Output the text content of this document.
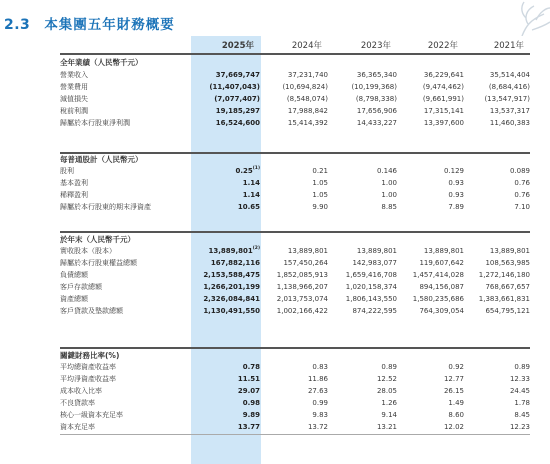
2.3 本集團五年財務概要
2025年	2024年	2023年	2022年	2021年
全年業績（人民幣千元）
營業收入	37,669,747	37,231,740	36,365,340	36,229,641	35,514,404
營業費用	(11,407,043)	(10,694,824)	(10,199,368)	(9,474,462)	(8,684,416)
減值損失	(7,077,407)	(8,548,074)	(8,798,338)	(9,661,991)	(13,547,917)
稅前利潤	19,185,297	17,988,842	17,656,906	17,315,141	13,537,317
歸屬於本行股東淨利潤	16,524,600	15,414,392	14,433,227	13,397,600	11,460,383
每普通股計（人民幣元）
股利	0.25$^{(1)}$	0.21	0.146	0.129	0.089
基本盈利	1.14	1.05	1.00	0.93	0.76
稀釋盈利	1.14	1.05	1.00	0.93	0.76
歸屬於本行股東的期末淨資產	10.65	9.90	8.85	7.89	7.10
於年末（人民幣千元）
實收股本（股本）	13,889,801$^{(2)}$	13,889,801	13,889,801	13,889,801	13,889,801
歸屬於本行股東權益總額	167,882,116	157,450,264	142,983,077	119,607,642	108,563,985
負債總額	2,153,588,475	1,852,085,913	1,659,416,708	1,457,414,028	1,272,146,180
客戶存款總額	1,266,201,199	1,138,966,207	1,020,158,374	894,156,087	768,667,657
資產總額	2,326,084,841	2,013,753,074	1,806,143,550	1,580,235,686	1,383,661,831
客戶貸款及墊款總額	1,130,491,550	1,002,166,422	874,222,595	764,309,054	654,795,121
關鍵財務比率(%)
平均總資產收益率	0.78	0.83	0.89	0.92	0.89
平均淨資產收益率	11.51	11.86	12.52	12.77	12.33
成本收入比率	29.07	27.63	28.05	26.15	24.45
不良貸款率	0.98	0.99	1.26	1.49	1.78
核心一級資本充足率	9.89	9.83	9.14	8.60	8.45
資本充足率	13.77	13.72	13.21	12.02	12.23
